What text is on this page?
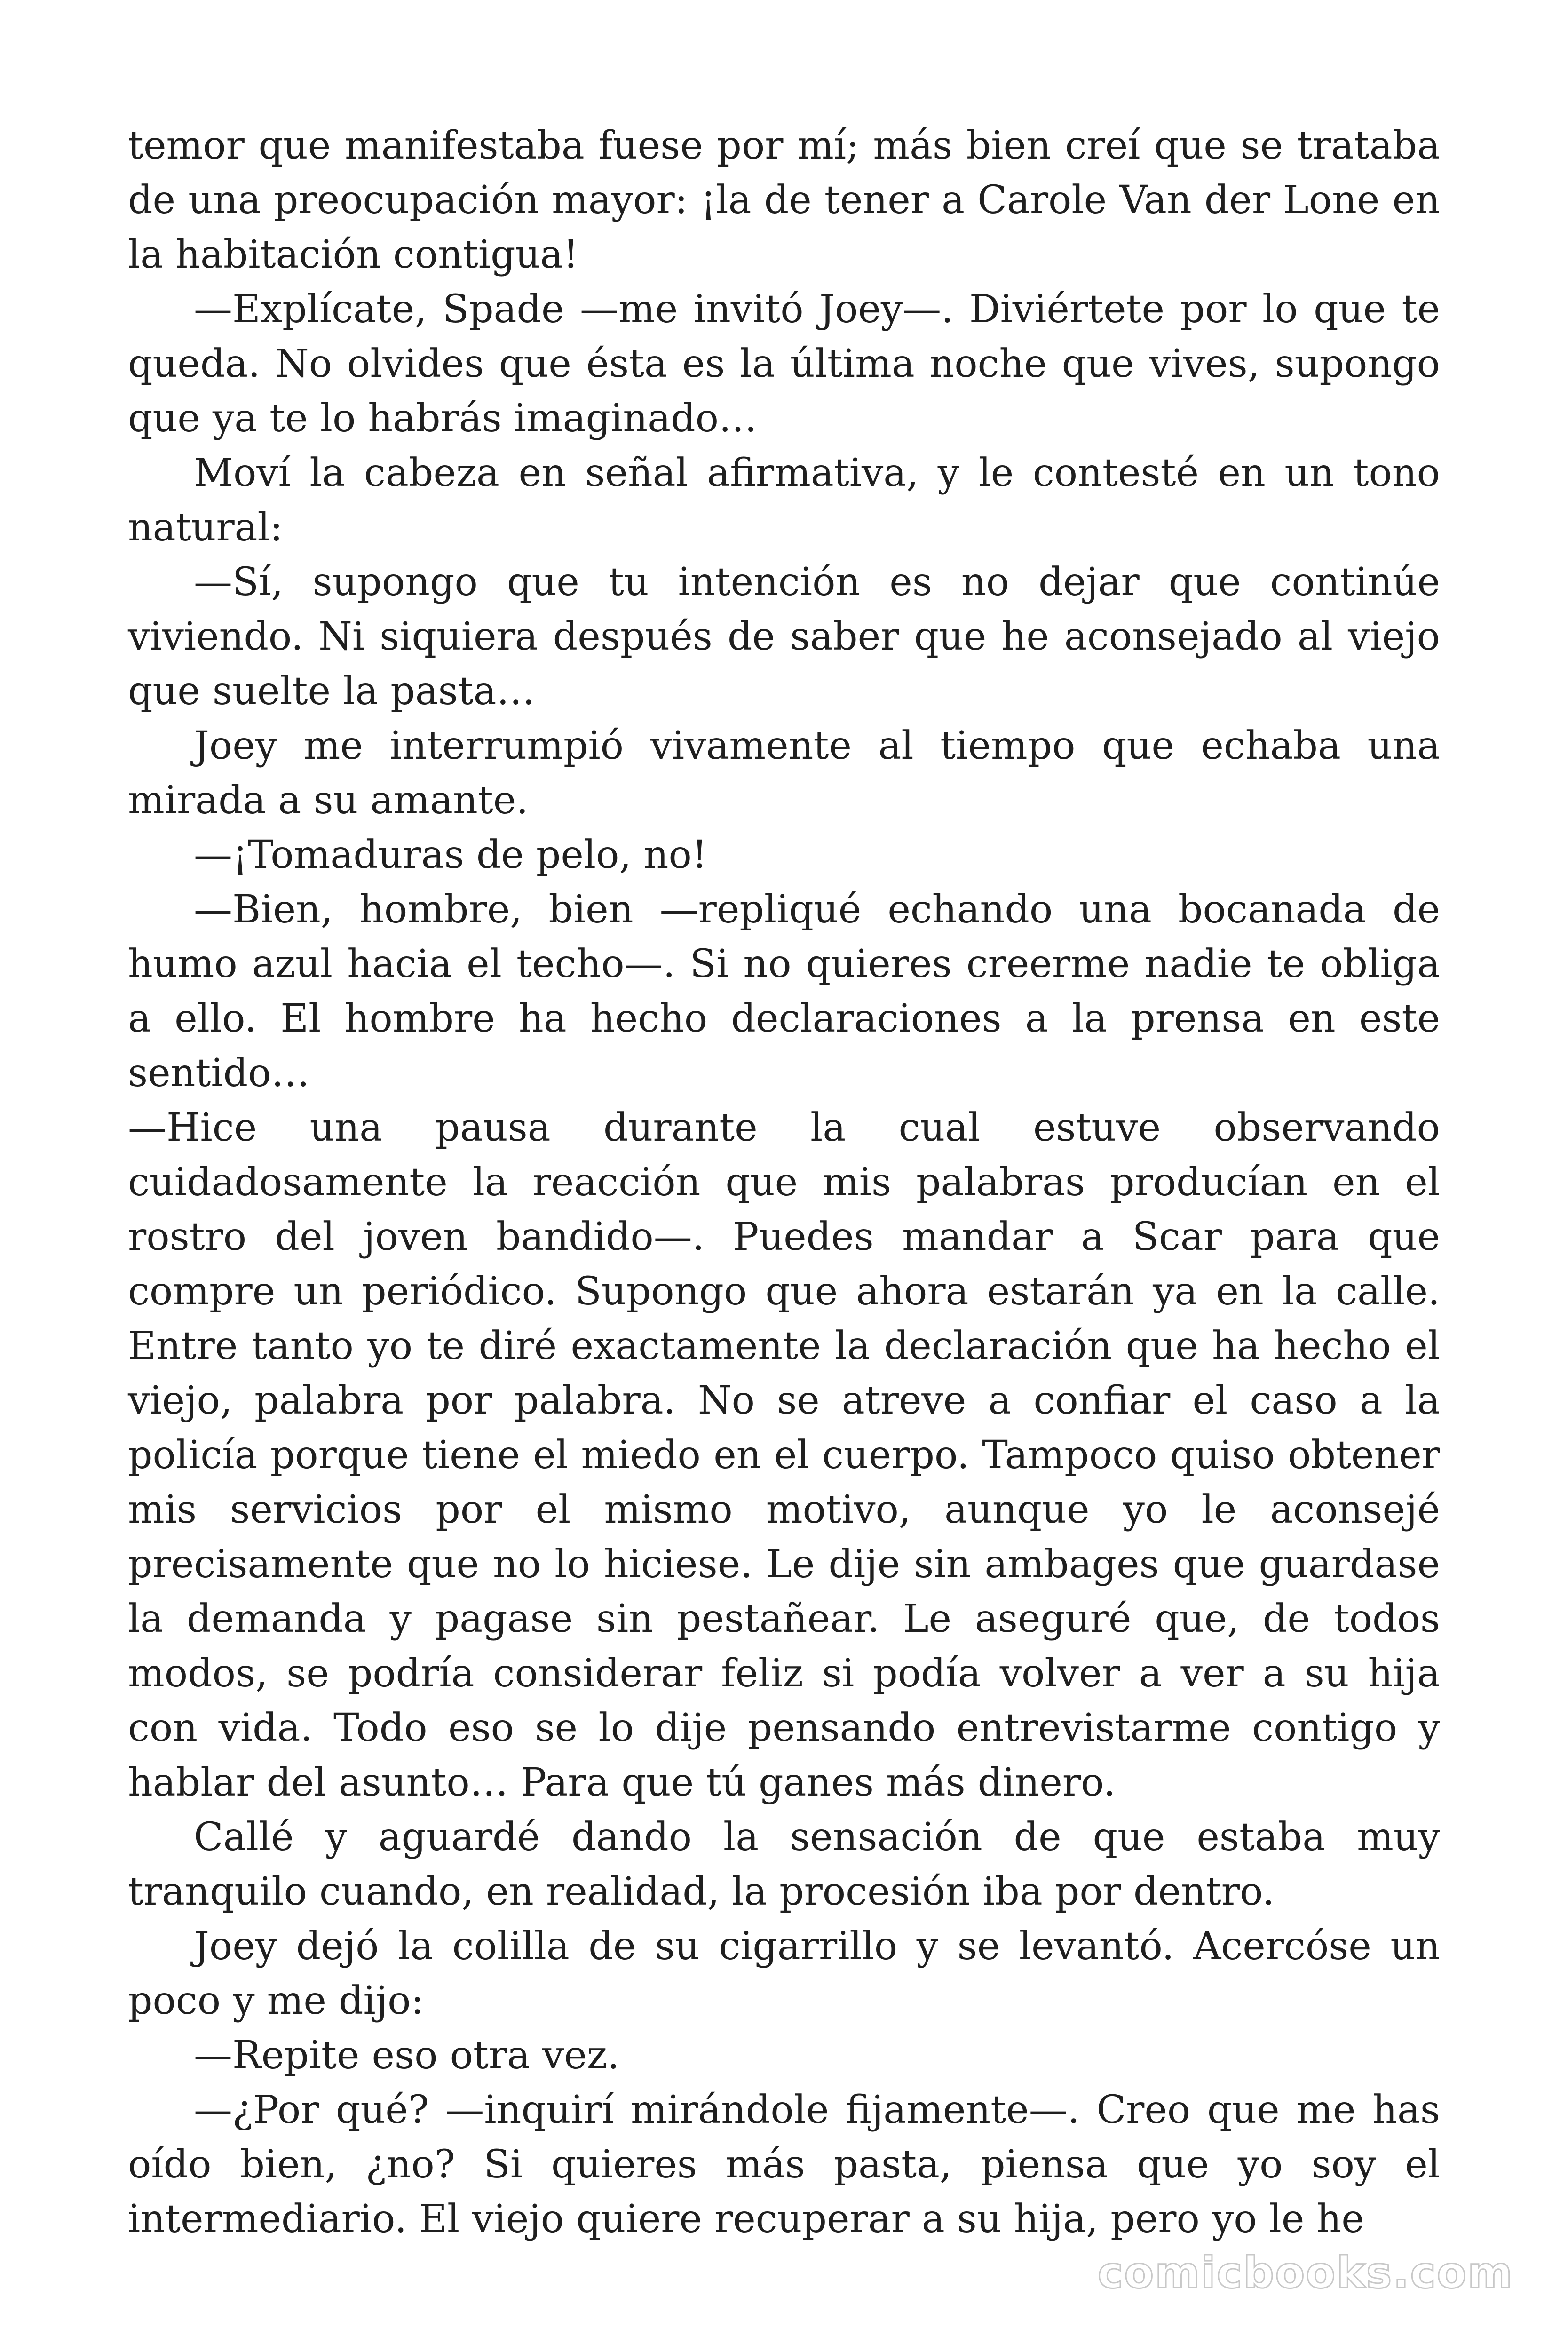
temor que manifestaba fuese por mí; más bien creí que se trataba de una preocupación mayor: ¡la de tener a Carole Van der Lone en la habitación contigua!

—Explícate, Spade —me invitó Joey—. Diviértete por lo que te queda. No olvides que ésta es la última noche que vives, supongo que ya te lo habrás imaginado…

Moví la cabeza en señal afirmativa, y le contesté en un tono natural:

—Sí, supongo que tu intención es no dejar que continúe viviendo. Ni siquiera después de saber que he aconsejado al viejo que suelte la pasta…

Joey me interrumpió vivamente al tiempo que echaba una mirada a su amante.

—¡Tomaduras de pelo, no!

—Bien, hombre, bien —repliqué echando una bocanada de humo azul hacia el techo—. Si no quieres creerme nadie te obliga a ello. El hombre ha hecho declaraciones a la prensa en este sentido…

—Hice una pausa durante la cual estuve observando cuidadosamente la reacción que mis palabras producían en el rostro del joven bandido—. Puedes mandar a Scar para que compre un periódico. Supongo que ahora estarán ya en la calle. Entre tanto yo te diré exactamente la declaración que ha hecho el viejo, palabra por palabra. No se atreve a confiar el caso a la policía porque tiene el miedo en el cuerpo. Tampoco quiso obtener mis servicios por el mismo motivo, aunque yo le aconsejé precisamente que no lo hiciese. Le dije sin ambages que guardase la demanda y pagase sin pestañear. Le aseguré que, de todos modos, se podría considerar feliz si podía volver a ver a su hija con vida. Todo eso se lo dije pensando entrevistarme contigo y hablar del asunto… Para que tú ganes más dinero.

Callé y aguardé dando la sensación de que estaba muy tranquilo cuando, en realidad, la procesión iba por dentro.

Joey dejó la colilla de su cigarrillo y se levantó. Acercóse un poco y me dijo:

—Repite eso otra vez.

—¿Por qué? —inquirí mirándole fijamente—. Creo que me has oído bien, ¿no? Si quieres más pasta, piensa que yo soy el intermediario. El viejo quiere recuperar a su hija, pero yo le he

comicbooks.com
